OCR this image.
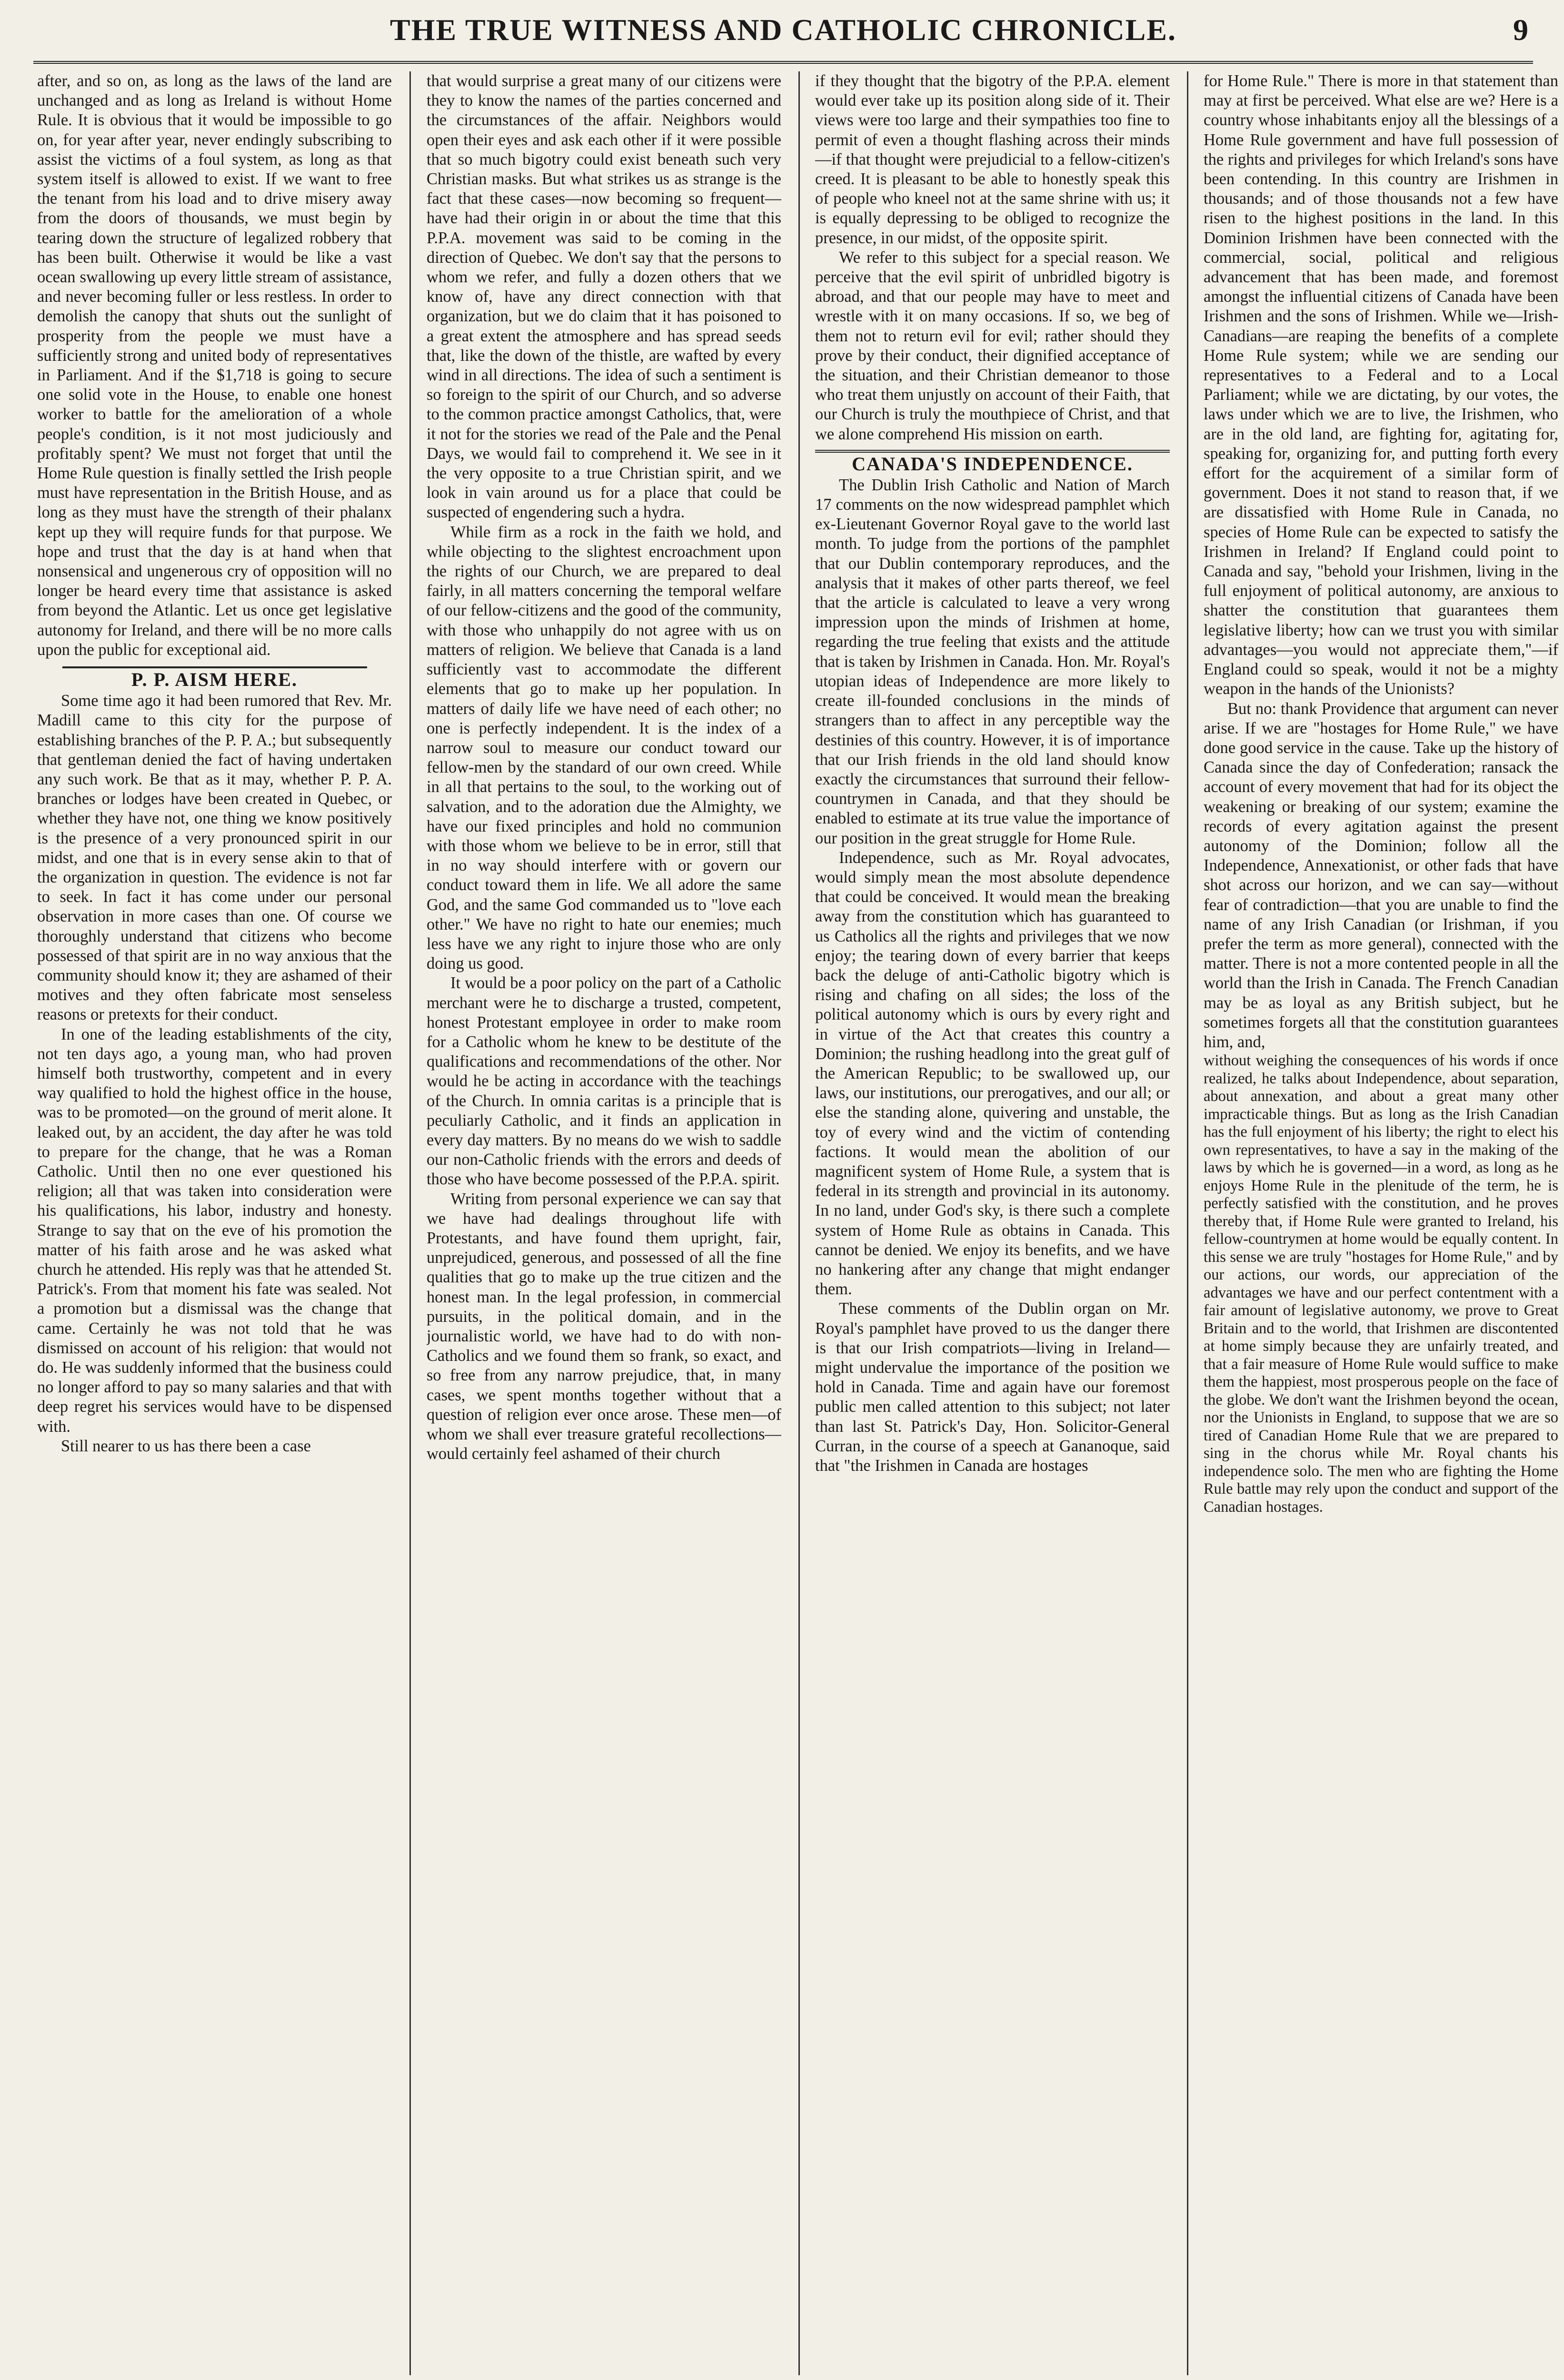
THE TRUE WITNESS AND CATHOLIC CHRONICLE.	9

after, and so on, as long as the laws of the land are unchanged and as long as Ireland is without Home Rule. It is obvious that it would be impossible to go on, for year after year, never endingly subscribing to assist the victims of a foul system, as long as that system itself is allowed to exist. If we want to free the tenant from his load and to drive misery away from the doors of thousands, we must begin by tearing down the structure of legalized robbery that has been built. Otherwise it would be like a vast ocean swallowing up every little stream of assistance, and never becoming fuller or less restless. In order to demolish the canopy that shuts out the sunlight of prosperity from the people we must have a sufficiently strong and united body of representatives in Parliament. And if the $1,718 is going to secure one solid vote in the House, to enable one honest worker to battle for the amelioration of a whole people's condition, is it not most judiciously and profitably spent? We must not forget that until the Home Rule question is finally settled the Irish people must have representation in the British House, and as long as they must have the strength of their phalanx kept up they will require funds for that purpose. We hope and trust that the day is at hand when that nonsensical and ungenerous cry of opposition will no longer be heard every time that assistance is asked from beyond the Atlantic. Let us once get legislative autonomy for Ireland, and there will be no more calls upon the public for exceptional aid.

P. P. AISM HERE.

Some time ago it had been rumored that Rev. Mr. Madill came to this city for the purpose of establishing branches of the P. P. A.; but subsequently that gentleman denied the fact of having undertaken any such work. Be that as it may, whether P. P. A. branches or lodges have been created in Quebec, or whether they have not, one thing we know positively is the presence of a very pronounced spirit in our midst, and one that is in every sense akin to that of the organization in question. The evidence is not far to seek. In fact it has come under our personal observation in more cases than one. Of course we thoroughly understand that citizens who become possessed of that spirit are in no way anxious that the community should know it; they are ashamed of their motives and they often fabricate most senseless reasons or pretexts for their conduct.

In one of the leading establishments of the city, not ten days ago, a young man, who had proven himself both trustworthy, competent and in every way qualified to hold the highest office in the house, was to be promoted—on the ground of merit alone. It leaked out, by an accident, the day after he was told to prepare for the change, that he was a Roman Catholic. Until then no one ever questioned his religion; all that was taken into consideration were his qualifications, his labor, industry and honesty. Strange to say that on the eve of his promotion the matter of his faith arose and he was asked what church he attended. His reply was that he attended St. Patrick's. From that moment his fate was sealed. Not a promotion but a dismissal was the change that came. Certainly he was not told that he was dismissed on account of his religion: that would not do. He was suddenly informed that the business could no longer afford to pay so many salaries and that with deep regret his services would have to be dispensed with.

Still nearer to us has there been a case

that would surprise a great many of our citizens were they to know the names of the parties concerned and the circumstances of the affair. Neighbors would open their eyes and ask each other if it were possible that so much bigotry could exist beneath such very Christian masks. But what strikes us as strange is the fact that these cases—now becoming so frequent—have had their origin in or about the time that this P.P.A. movement was said to be coming in the direction of Quebec. We don't say that the persons to whom we refer, and fully a dozen others that we know of, have any direct connection with that organization, but we do claim that it has poisoned to a great extent the atmosphere and has spread seeds that, like the down of the thistle, are wafted by every wind in all directions. The idea of such a sentiment is so foreign to the spirit of our Church, and so adverse to the common practice amongst Catholics, that, were it not for the stories we read of the Pale and the Penal Days, we would fail to comprehend it. We see in it the very opposite to a true Christian spirit, and we look in vain around us for a place that could be suspected of engendering such a hydra.

While firm as a rock in the faith we hold, and while objecting to the slightest encroachment upon the rights of our Church, we are prepared to deal fairly, in all matters concerning the temporal welfare of our fellow-citizens and the good of the community, with those who unhappily do not agree with us on matters of religion. We believe that Canada is a land sufficiently vast to accommodate the different elements that go to make up her population. In matters of daily life we have need of each other; no one is perfectly independent. It is the index of a narrow soul to measure our conduct toward our fellow-men by the standard of our own creed. While in all that pertains to the soul, to the working out of salvation, and to the adoration due the Almighty, we have our fixed principles and hold no communion with those whom we believe to be in error, still that in no way should interfere with or govern our conduct toward them in life. We all adore the same God, and the same God commanded us to "love each other." We have no right to hate our enemies; much less have we any right to injure those who are only doing us good.

It would be a poor policy on the part of a Catholic merchant were he to discharge a trusted, competent, honest Protestant employee in order to make room for a Catholic whom he knew to be destitute of the qualifications and recommendations of the other. Nor would he be acting in accordance with the teachings of the Church. In omnia caritas is a principle that is peculiarly Catholic, and it finds an application in every day matters. By no means do we wish to saddle our non-Catholic friends with the errors and deeds of those who have become possessed of the P.P.A. spirit.

Writing from personal experience we can say that we have had dealings throughout life with Protestants, and have found them upright, fair, unprejudiced, generous, and possessed of all the fine qualities that go to make up the true citizen and the honest man. In the legal profession, in commercial pursuits, in the political domain, and in the journalistic world, we have had to do with non-Catholics and we found them so frank, so exact, and so free from any narrow prejudice, that, in many cases, we spent months together without that a question of religion ever once arose. These men—of whom we shall ever treasure grateful recollections—would certainly feel ashamed of their church

if they thought that the bigotry of the P.P.A. element would ever take up its position along side of it. Their views were too large and their sympathies too fine to permit of even a thought flashing across their minds—if that thought were prejudicial to a fellow-citizen's creed. It is pleasant to be able to honestly speak this of people who kneel not at the same shrine with us; it is equally depressing to be obliged to recognize the presence, in our midst, of the opposite spirit.

We refer to this subject for a special reason. We perceive that the evil spirit of unbridled bigotry is abroad, and that our people may have to meet and wrestle with it on many occasions. If so, we beg of them not to return evil for evil; rather should they prove by their conduct, their dignified acceptance of the situation, and their Christian demeanor to those who treat them unjustly on account of their Faith, that our Church is truly the mouthpiece of Christ, and that we alone comprehend His mission on earth.

CANADA'S INDEPENDENCE.

The Dublin Irish Catholic and Nation of March 17 comments on the now widespread pamphlet which ex-Lieutenant Governor Royal gave to the world last month. To judge from the portions of the pamphlet that our Dublin contemporary reproduces, and the analysis that it makes of other parts thereof, we feel that the article is calculated to leave a very wrong impression upon the minds of Irishmen at home, regarding the true feeling that exists and the attitude that is taken by Irishmen in Canada. Hon. Mr. Royal's utopian ideas of Independence are more likely to create ill-founded conclusions in the minds of strangers than to affect in any perceptible way the destinies of this country. However, it is of importance that our Irish friends in the old land should know exactly the circumstances that surround their fellow-countrymen in Canada, and that they should be enabled to estimate at its true value the importance of our position in the great struggle for Home Rule.

Independence, such as Mr. Royal advocates, would simply mean the most absolute dependence that could be conceived. It would mean the breaking away from the constitution which has guaranteed to us Catholics all the rights and privileges that we now enjoy; the tearing down of every barrier that keeps back the deluge of anti-Catholic bigotry which is rising and chafing on all sides; the loss of the political autonomy which is ours by every right and in virtue of the Act that creates this country a Dominion; the rushing headlong into the great gulf of the American Republic; to be swallowed up, our laws, our institutions, our prerogatives, and our all; or else the standing alone, quivering and unstable, the toy of every wind and the victim of contending factions. It would mean the abolition of our magnificent system of Home Rule, a system that is federal in its strength and provincial in its autonomy. In no land, under God's sky, is there such a complete system of Home Rule as obtains in Canada. This cannot be denied. We enjoy its benefits, and we have no hankering after any change that might endanger them.

These comments of the Dublin organ on Mr. Royal's pamphlet have proved to us the danger there is that our Irish compatriots—living in Ireland—might undervalue the importance of the position we hold in Canada. Time and again have our foremost public men called attention to this subject; not later than last St. Patrick's Day, Hon. Solicitor-General Curran, in the course of a speech at Gananoque, said that "the Irishmen in Canada are hostages

for Home Rule." There is more in that statement than may at first be perceived. What else are we? Here is a country whose inhabitants enjoy all the blessings of a Home Rule government and have full possession of the rights and privileges for which Ireland's sons have been contending. In this country are Irishmen in thousands; and of those thousands not a few have risen to the highest positions in the land. In this Dominion Irishmen have been connected with the commercial, social, political and religious advancement that has been made, and foremost amongst the influential citizens of Canada have been Irishmen and the sons of Irishmen. While we—Irish-Canadians—are reaping the benefits of a complete Home Rule system; while we are sending our representatives to a Federal and to a Local Parliament; while we are dictating, by our votes, the laws under which we are to live, the Irishmen, who are in the old land, are fighting for, agitating for, speaking for, organizing for, and putting forth every effort for the acquirement of a similar form of government. Does it not stand to reason that, if we are dissatisfied with Home Rule in Canada, no species of Home Rule can be expected to satisfy the Irishmen in Ireland? If England could point to Canada and say, "behold your Irishmen, living in the full enjoyment of political autonomy, are anxious to shatter the constitution that guarantees them legislative liberty; how can we trust you with similar advantages—you would not appreciate them,"—if England could so speak, would it not be a mighty weapon in the hands of the Unionists?

But no: thank Providence that argument can never arise. If we are "hostages for Home Rule," we have done good service in the cause. Take up the history of Canada since the day of Confederation; ransack the account of every movement that had for its object the weakening or breaking of our system; examine the records of every agitation against the present autonomy of the Dominion; follow all the Independence, Annexationist, or other fads that have shot across our horizon, and we can say—without fear of contradiction—that you are unable to find the name of any Irish Canadian (or Irishman, if you prefer the term as more general), connected with the matter. There is not a more contented people in all the world than the Irish in Canada. The French Canadian may be as loyal as any British subject, but he sometimes forgets all that the constitution guarantees him, and,

without weighing the consequences of his words if once realized, he talks about Independence, about separation, about annexation, and about a great many other impracticable things. But as long as the Irish Canadian has the full enjoyment of his liberty; the right to elect his own representatives, to have a say in the making of the laws by which he is governed—in a word, as long as he enjoys Home Rule in the plenitude of the term, he is perfectly satisfied with the constitution, and he proves thereby that, if Home Rule were granted to Ireland, his fellow-countrymen at home would be equally content. In this sense we are truly "hostages for Home Rule," and by our actions, our words, our appreciation of the advantages we have and our perfect contentment with a fair amount of legislative autonomy, we prove to Great Britain and to the world, that Irishmen are discontented at home simply because they are unfairly treated, and that a fair measure of Home Rule would suffice to make them the happiest, most prosperous people on the face of the globe. We don't want the Irishmen beyond the ocean, nor the Unionists in England, to suppose that we are so tired of Canadian Home Rule that we are prepared to sing in the chorus while Mr. Royal chants his independence solo. The men who are fighting the Home Rule battle may rely upon the conduct and support of the Canadian hostages.
